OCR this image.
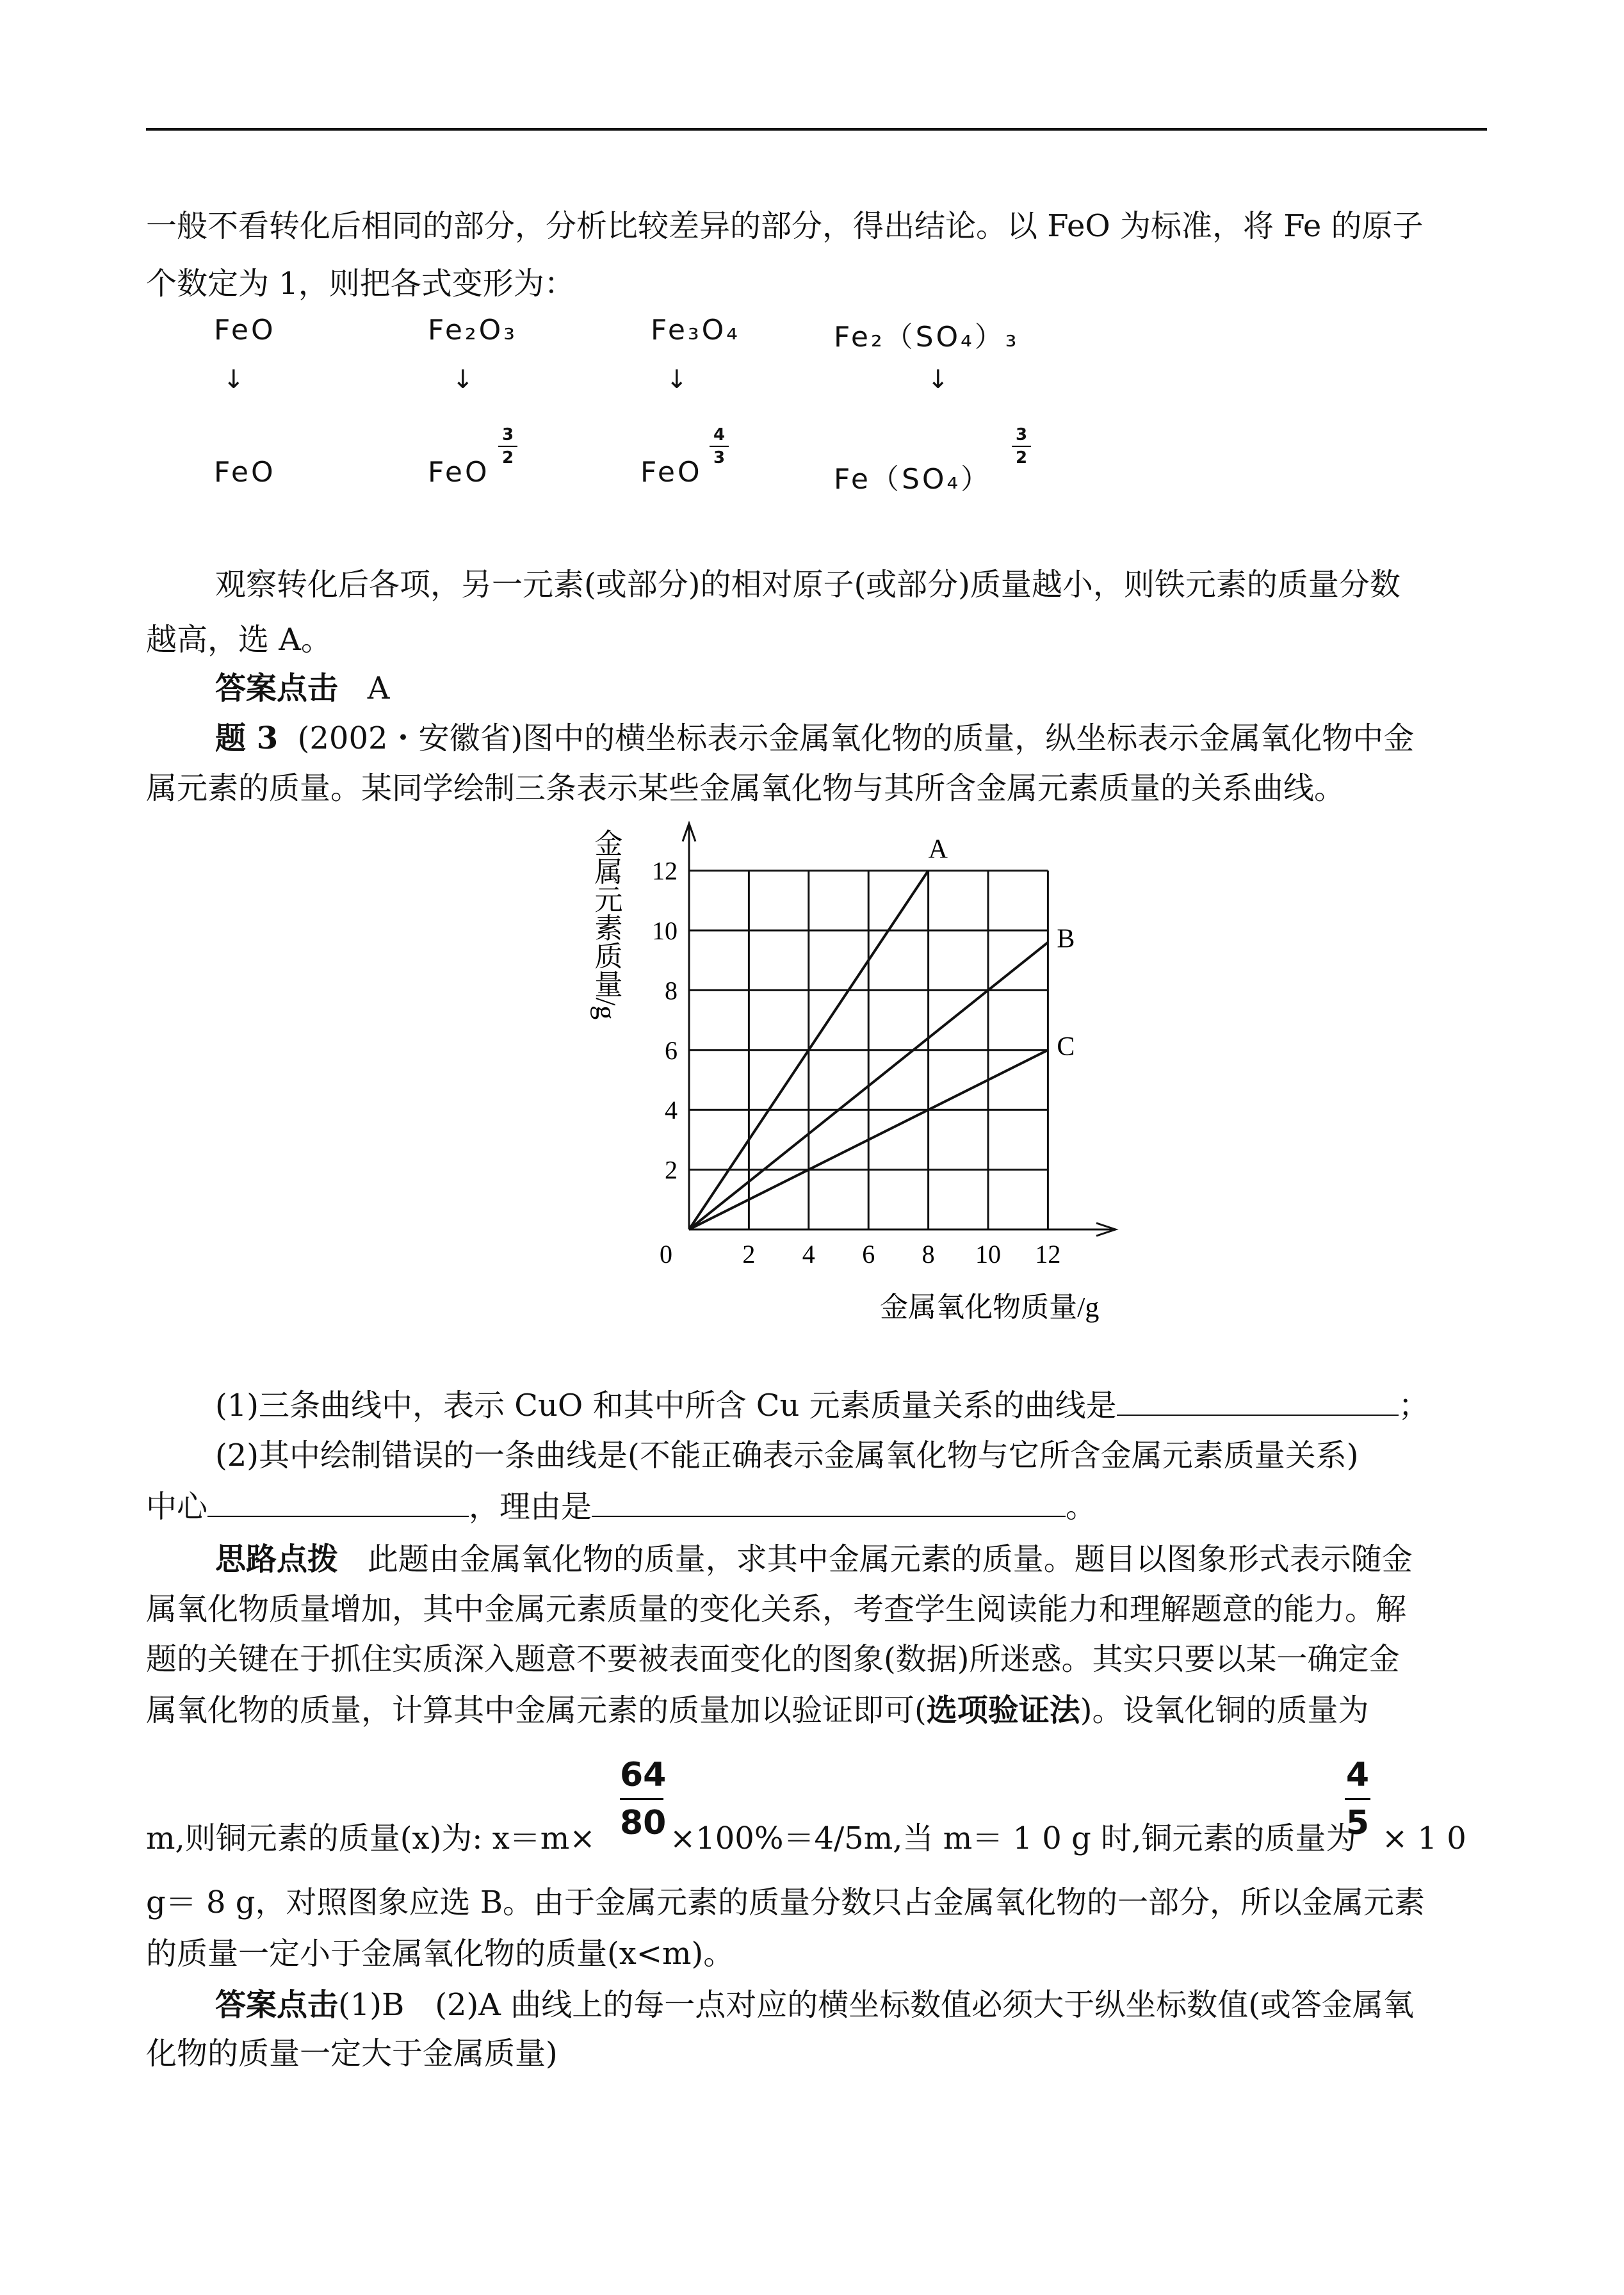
一般不看转化后相同的部分，分析比较差异的部分，得出结论。以 FeO 为标准，将 Fe 的原子
个数定为 1，则把各式变形为：
FeO	Fe₂O₃	Fe₃O₄	Fe₂（SO₄）₃
↓	↓	↓	↓
FeO	FeO	FeO	Fe（SO₄）
3
2
4
3
3
2
观察转化后各项，另一元素(或部分)的相对原子(或部分)质量越小，则铁元素的质量分数
越高，选 A。
答案点击 A
题 3 (2002・安徽省)图中的横坐标表示金属氧化物的质量，纵坐标表示金属氧化物中金
属元素的质量。某同学绘制三条表示某些金属氧化物与其所含金属元素质量的关系曲线。
0	2 4 6 8 10 12
2
4
6
8
10
12
金属氧化物质量/g
金属元素质量/g	A
B
C
(1)三条曲线中，表示 CuO 和其中所含 Cu 元素质量关系的曲线是	；
(2)其中绘制错误的一条曲线是(不能正确表示金属氧化物与它所含金属元素质量关系)
中心	，理由是	。
思路点拨 此题由金属氧化物的质量，求其中金属元素的质量。题目以图象形式表示随金
属氧化物质量增加，其中金属元素质量的变化关系，考查学生阅读能力和理解题意的能力。解
题的关键在于抓住实质深入题意不要被表面变化的图象(数据)所迷惑。其实只要以某一确定金
属氧化物的质量，计算其中金属元素的质量加以验证即可(选项验证法)。设氧化铜的质量为
m,则铜元素的质量(x)为: x＝m×
64
80 ×100%＝4/5m,当 m＝ 1 0 g 时,铜元素的质量为
4
5 × 1 0
g＝ 8 g，对照图象应选 B。由于金属元素的质量分数只占金属氧化物的一部分，所以金属元素
的质量一定小于金属氧化物的质量(x<m)。
答案点击(1)B　(2)A 曲线上的每一点对应的横坐标数值必须大于纵坐标数值(或答金属氧
化物的质量一定大于金属质量)
